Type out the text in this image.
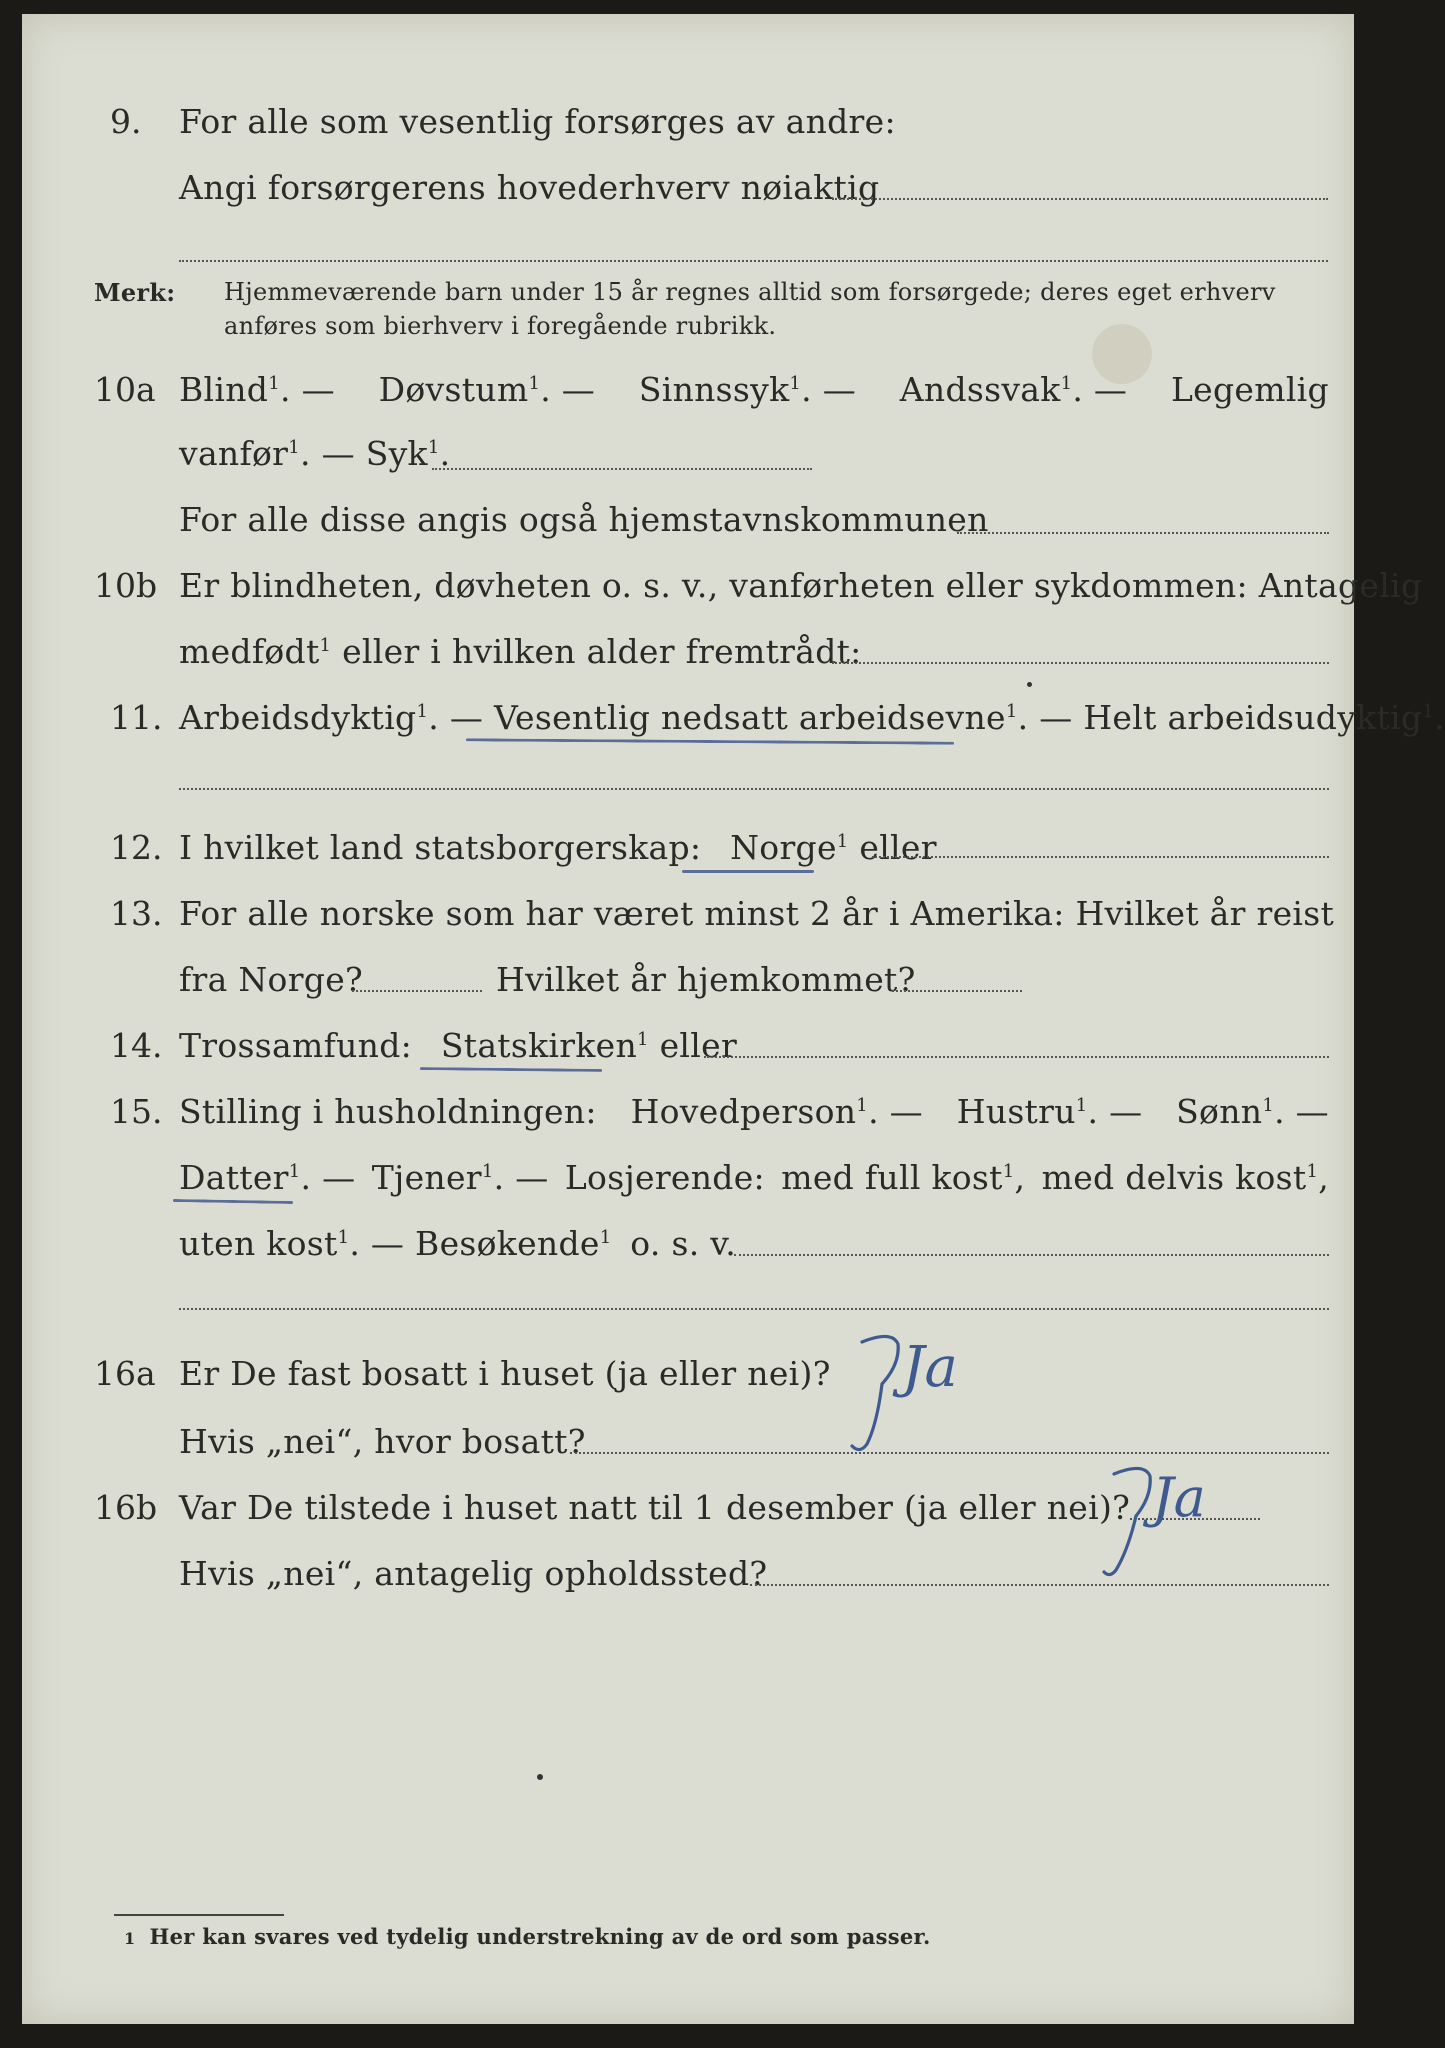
9. For alle som vesentlig forsørges av andre:
Angi forsørgerens hovederhverv nøiaktig
Merk: Hjemmeværende barn under 15 år regnes alltid som forsørgede; deres eget erhverv
anføres som bierhverv i foregående rubrikk.
10a Blind$^1$. — Døvstum$^1$. — Sinnssyk$^1$. — Andssvak$^1$. — Legemlig
vanfør$^1$. — Syk$^1$.
For alle disse angis også hjemstavnskommunen
10b Er blindheten, døvheten o. s. v., vanførheten eller sykdommen: Antagelig
medfødt$^1$ eller i hvilken alder fremtrådt:
11. Arbeidsdyktig$^1$. — Vesentlig nedsatt arbeidsevne$^1$. — Helt arbeidsudyktig$^1$.
12. I hvilket land statsborgerskap: Norge$^1$ eller
13. For alle norske som har været minst 2 år i Amerika: Hvilket år reist
fra Norge?	Hvilket år hjemkommet?
14. Trossamfund: Statskirken$^1$ eller
15. Stilling i husholdningen: Hovedperson$^1$. — Hustru$^1$. — Sønn$^1$. —
Datter$^1$. — Tjener$^1$. — Losjerende: med full kost$^1$, med delvis kost$^1$,
uten kost$^1$. — Besøkende$^1$ o. s. v.
16a Er De fast bosatt i huset (ja eller nei)?
Hvis „nei“, hvor bosatt?
Ja
16b Var De tilstede i huset natt til 1 desember (ja eller nei)?
Hvis „nei“, antagelig opholdssted?
Ja
1 Her kan svares ved tydelig understrekning av de ord som passer.
